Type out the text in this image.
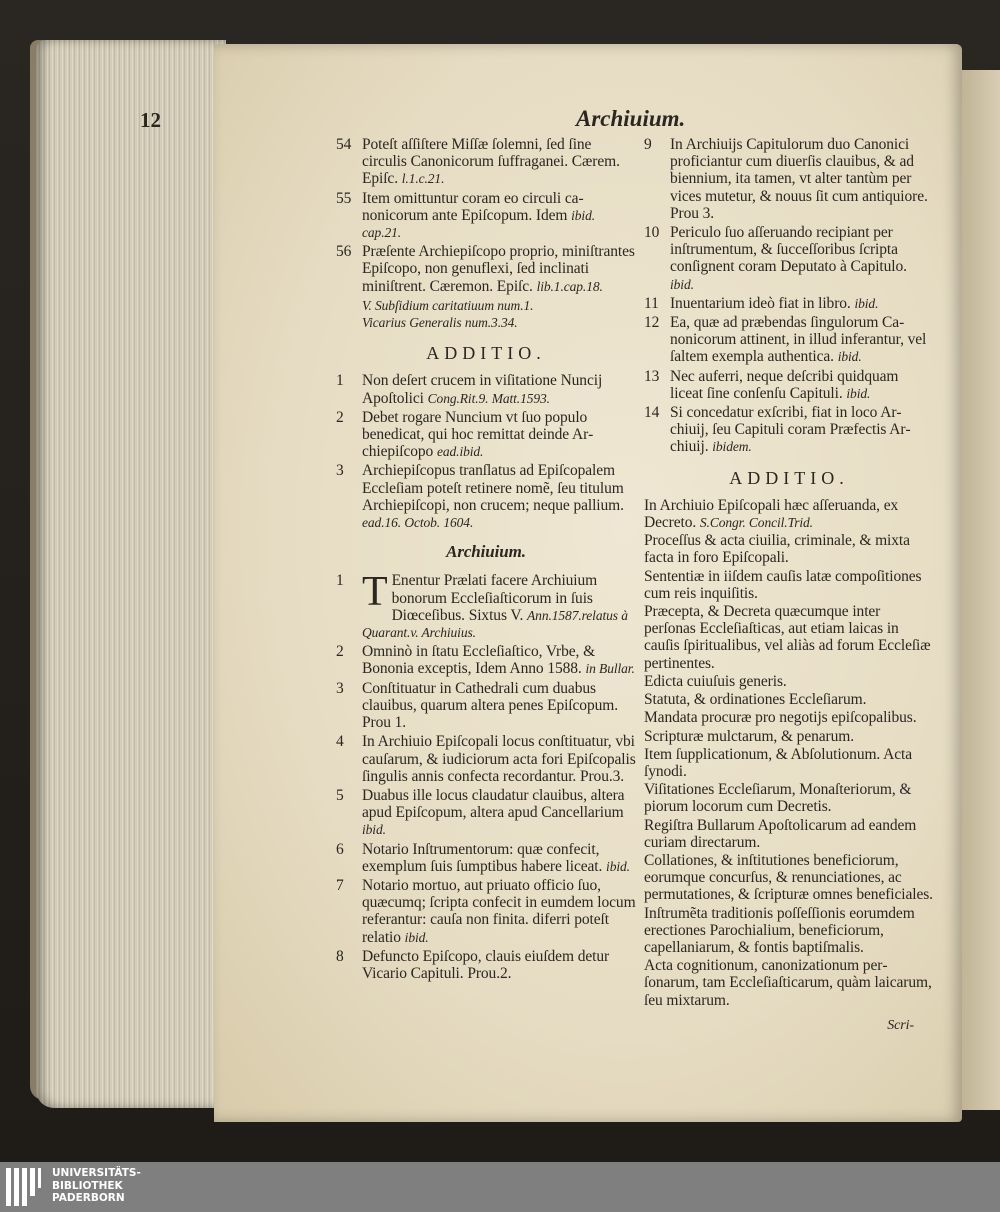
12	Archiuium.
54 Poteſt aſſiſtere Miſſæ ſolemni, ſed ſine circulis Canonicorum ſuffraganei. Cærem. Epiſc. l.1.c.21.
55 Item omittuntur coram eo circuli canonicorum ante Epiſcopum. Idem ibid. cap.21.
56 Præſente Archiepiſcopo proprio, miniſtrantes Epiſcopo, non genuflexi, ſed inclinati miniſtrent. Cæremon. Epiſc. lib.1.cap.18.
V. Subſidium caritatiuum num.1.
Vicarius Generalis num.3.34.
ADDITIO.
1	Non deſert crucem in viſitatione Nuncij Apoſtolici Cong.Rit.9. Matt.1593.
2	Debet rogare Nuncium vt ſuo populo benedicat, qui hoc remittat deinde Archiepiſcopo ead.ibid.
3	Archiepiſcopus tranſlatus ad Epiſcopalem Eccleſiam poteſt retinere nomẽ, ſeu titulum Archiepiſcopi, non crucem; neque pallium. ead.16. Octob. 1604.
Archiuium.
1 T Enentur Prælati facere Archiuium bonorum Eccleſiaſticorum in ſuis Diœceſibus. Sixtus V. Ann.1587.relatus à Quarant.v. Archiuius.
2	Omninò in ſtatu Eccleſiaſtico, Vrbe, & Bononia exceptis, Idem Anno 1588. in Bullar.
3	Conſtituatur in Cathedrali cum duabus clauibus, quarum altera penes Epiſcopum. Prou 1.
4	In Archiuio Epiſcopali locus conſtituatur, vbi cauſarum, & iudiciorum acta fori Epiſcopalis ſingulis annis confecta recordantur. Prou.3.
5	Duabus ille locus claudatur clauibus, altera apud Epiſcopum, altera apud Cancellarium ibid.
6	Notario Inſtrumentorum: quæ confecit, exemplum ſuis ſumptibus habere liceat. ibid.
7	Notario mortuo, aut priuato officio ſuo, quæcumq; ſcripta confecit in eumdem locum referantur: cauſa non finita. diferri poteſt relatio ibid.
8	Defuncto Epiſcopo, clauis eiuſdem detur Vicario Capituli. Prou.2.
9	In Archiuijs Capitulorum duo Canonici proficiantur cum diuerſis clauibus, & ad biennium, ita tamen, vt alter tantùm per vices mutetur, & nouus ſit cum antiquiore. Prou 3.
10 Periculo ſuo aſſeruando recipiant per inſtrumentum, & ſucceſſoribus ſcripta conſignent coram Deputato à Capitulo. ibid.
11 Inuentarium ideò fiat in libro. ibid.
12 Ea, quæ ad præbendas ſingulorum Canonicorum attinent, in illud inferantur, vel ſaltem exempla authentica. ibid.
13 Nec auferri, neque deſcribi quidquam liceat ſine conſenſu Capituli. ibid.
14 Si concedatur exſcribi, fiat in loco Archiuij, ſeu Capituli coram Præfectis Archiuij. ibidem.
ADDITIO.
In Archiuio Epiſcopali hæc aſſeruanda, ex Decreto. S.Congr. Concil.Trid.
Proceſſus & acta ciuilia, criminale, & mixta facta in foro Epiſcopali.
Sententiæ in iiſdem cauſis latæ compoſitiones cum reis inquiſitis.
Præcepta, & Decreta quæcumque inter perſonas Eccleſiaſticas, aut etiam laicas in cauſis ſpiritualibus, vel aliàs ad forum Eccleſiæ pertinentes.
Edicta cuiuſuis generis.
Statuta, & ordinationes Eccleſiarum.
Mandata procuræ pro negotijs epiſcopalibus.
Scripturæ mulctarum, & penarum.
Item ſupplicationum, & Abſolutionum. Acta ſynodi.
Viſitationes Eccleſiarum, Monaſteriorum, & piorum locorum cum Decretis.
Regiſtra Bullarum Apoſtolicarum ad eandem curiam directarum.
Collationes, & inſtitutiones beneficiorum, eorumque concurſus, & renunciationes, ac permutationes, & ſcripturæ omnes beneficiales.
Inſtrumẽta traditionis poſſeſſionis eorumdem erectiones Parochialium, beneficiorum, capellaniarum, & fontis baptiſmalis.
Acta cognitionum, canonizationum perſonarum, tam Eccleſiaſticarum, quàm laicarum, ſeu mixtarum.
Scri-
UNIVERSITÄTS-
BIBLIOTHEK
PADERBORN
